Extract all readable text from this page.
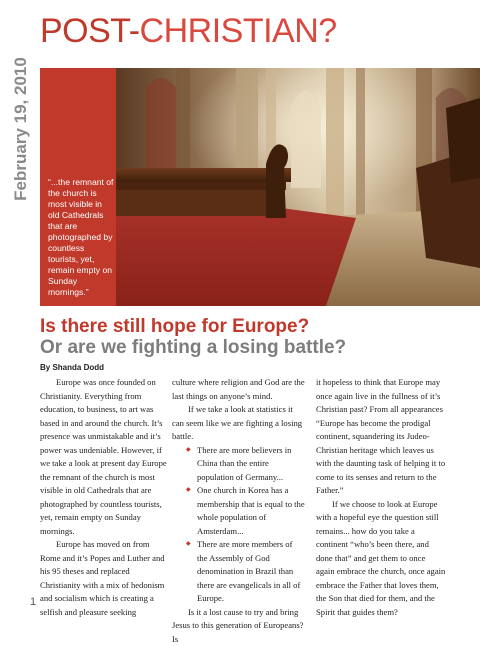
POST-CHRISTIAN?
February 19, 2010	“...the remnant of the church is most visible in old Cathedrals that are photographed by countless tourists, yet, remain empty on Sunday mornings.”

Is there still hope for Europe?
Or are we fighting a losing battle?

By Shanda Dodd

Europe was once founded on Christianity. Everything from education, to business, to art was based in and around the church. It’s presence was unmistakable and it’s power was undeniable. However, if we take a look at present day Europe the remnant of the church is most visible in old Cathedrals that are photographed by countless tourists, yet, remain empty on Sunday mornings.

Europe has moved on from Rome and it’s Popes and Luther and his 95 theses and replaced Christianity with a mix of hedonism and socialism which is creating a selfish and pleasure seeking

culture where religion and God are the last things on anyone’s mind.

If we take a look at statistics it can seem like we are fighting a losing battle.

◆ There are more believers in China than the entire population of Germany...
◆ One church in Korea has a membership that is equal to the whole population of Amsterdam...
◆ There are more members of the Assembly of God denomination in Brazil than there are evangelicals in all of Europe.

Is it a lost cause to try and bring Jesus to this generation of Europeans? Is

it hopeless to think that Europe may once again live in the fullness of it’s Christian past? From all appearances “Europe has become the prodigal continent, squandering its Judeo-Christian heritage which leaves us with the daunting task of helping it to come to its senses and return to the Father.”

If we choose to look at Europe with a hopeful eye the question still remains... how do you take a continent “who’s been there, and done that” and get them to once again embrace the church, once again embrace the Father that loves them, the Son that died for them, and the Spirit that guides them?

1
